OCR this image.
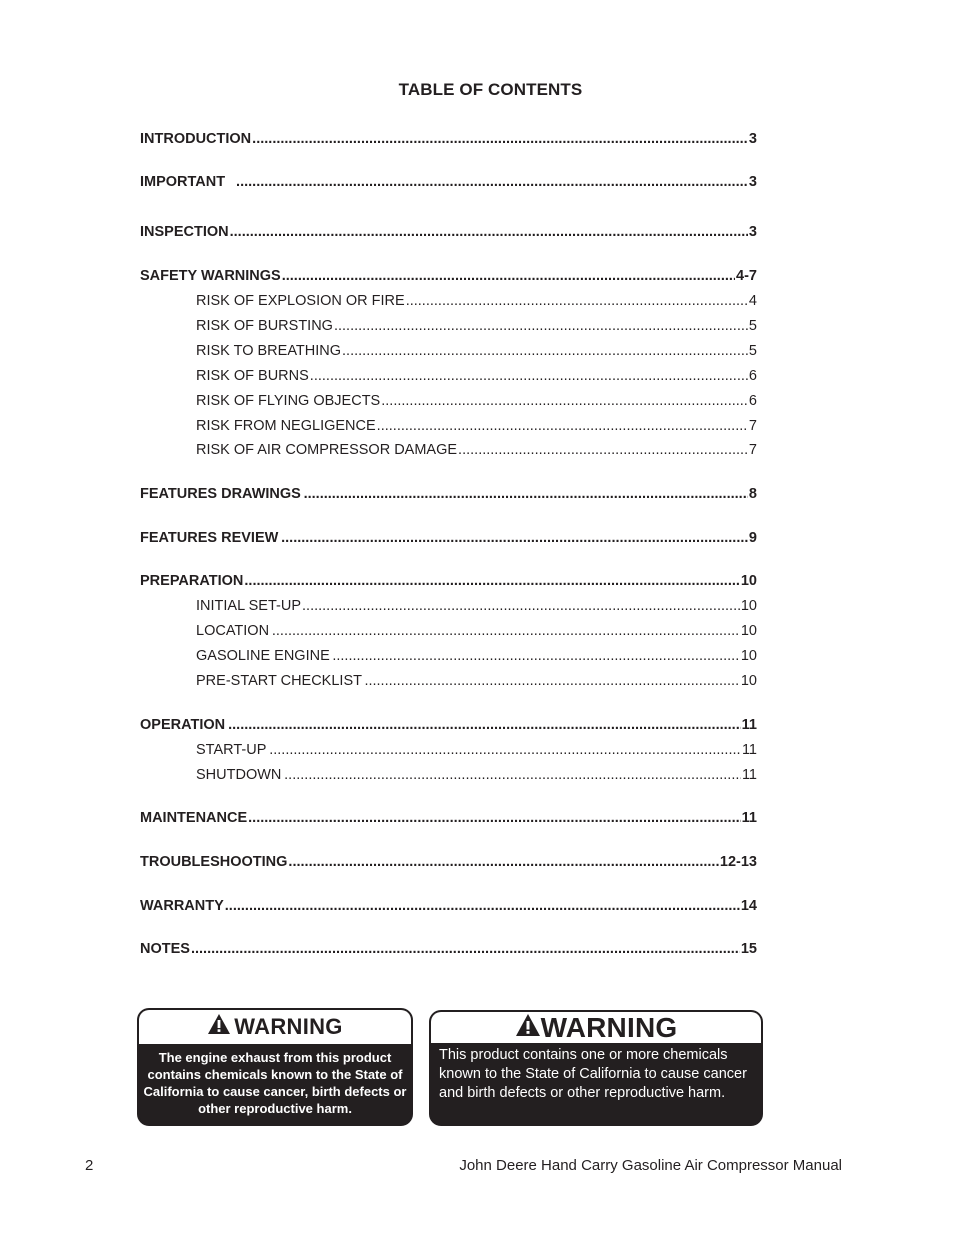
TABLE OF CONTENTS
INTRODUCTION .....	3
IMPORTANT .....	3
INSPECTION .....	3
SAFETY WARNINGS .....	4-7
RISK OF EXPLOSION OR FIRE .....	4
RISK OF BURSTING .....	5
RISK TO BREATHING .....	5
RISK OF BURNS .....	6
RISK OF FLYING OBJECTS .....	6
RISK FROM NEGLIGENCE .....	7
RISK OF AIR COMPRESSOR DAMAGE .....	7
FEATURES DRAWINGS .....	8
FEATURES REVIEW .....	9
PREPARATION .....	10
INITIAL SET-UP .....	10
LOCATION .....	10
GASOLINE ENGINE .....	10
PRE-START CHECKLIST .....	10
OPERATION .....	11
START-UP .....	11
SHUTDOWN .....	11
MAINTENANCE .....	11
TROUBLESHOOTING .....	12-13
WARRANTY .....	14
NOTES .....	15
WARNING
The engine exhaust from this product contains chemicals known to the State of California to cause cancer, birth defects or other reproductive harm.
WARNING
This product contains one or more chemicals known to the State of California to cause cancer and birth defects or other reproductive harm.
2	John Deere Hand Carry Gasoline Air Compressor Manual
